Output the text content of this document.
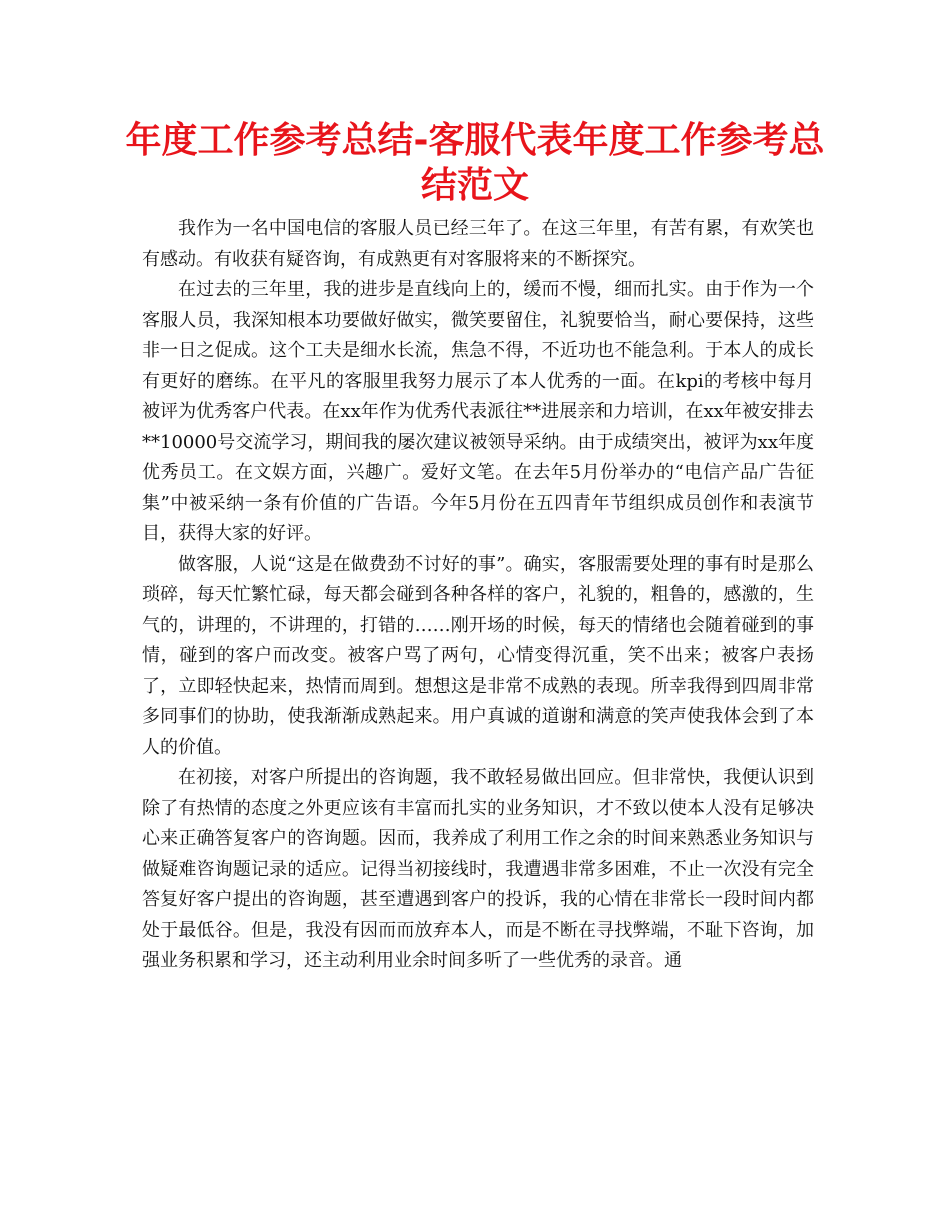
年度工作参考总结-客服代表年度工作参考总结范文

我作为一名中国电信的客服人员已经三年了。在这三年里，有苦有累，有欢笑也有感动。有收获有疑咨询，有成熟更有对客服将来的不断探究。

在过去的三年里，我的进步是直线向上的，缓而不慢，细而扎实。由于作为一个客服人员，我深知根本功要做好做实，微笑要留住，礼貌要恰当，耐心要保持，这些非一日之促成。这个工夫是细水长流，焦急不得，不近功也不能急利。于本人的成长有更好的磨练。在平凡的客服里我努力展示了本人优秀的一面。在kpi的考核中每月被评为优秀客户代表。在xx年作为优秀代表派往**进展亲和力培训，在xx年被安排去**10000号交流学习，期间我的屡次建议被领导采纳。由于成绩突出，被评为xx年度优秀员工。在文娱方面，兴趣广。爱好文笔。在去年5月份举办的“电信产品广告征集”中被采纳一条有价值的广告语。今年5月份在五四青年节组织成员创作和表演节目，获得大家的好评。

做客服，人说“这是在做费劲不讨好的事”。确实，客服需要处理的事有时是那么琐碎，每天忙繁忙碌，每天都会碰到各种各样的客户，礼貌的，粗鲁的，感激的，生气的，讲理的，不讲理的，打错的……刚开场的时候，每天的情绪也会随着碰到的事情，碰到的客户而改变。被客户骂了两句，心情变得沉重，笑不出来；被客户表扬了，立即轻快起来，热情而周到。想想这是非常不成熟的表现。所幸我得到四周非常多同事们的协助，使我渐渐成熟起来。用户真诚的道谢和满意的笑声使我体会到了本人的价值。

在初接，对客户所提出的咨询题，我不敢轻易做出回应。但非常快，我便认识到除了有热情的态度之外更应该有丰富而扎实的业务知识，才不致以使本人没有足够决心来正确答复客户的咨询题。因而，我养成了利用工作之余的时间来熟悉业务知识与做疑难咨询题记录的适应。记得当初接线时，我遭遇非常多困难，不止一次没有完全答复好客户提出的咨询题，甚至遭遇到客户的投诉，我的心情在非常长一段时间内都处于最低谷。但是，我没有因而而放弃本人，而是不断在寻找弊端，不耻下咨询，加强业务积累和学习，还主动利用业余时间多听了一些优秀的录音。通
